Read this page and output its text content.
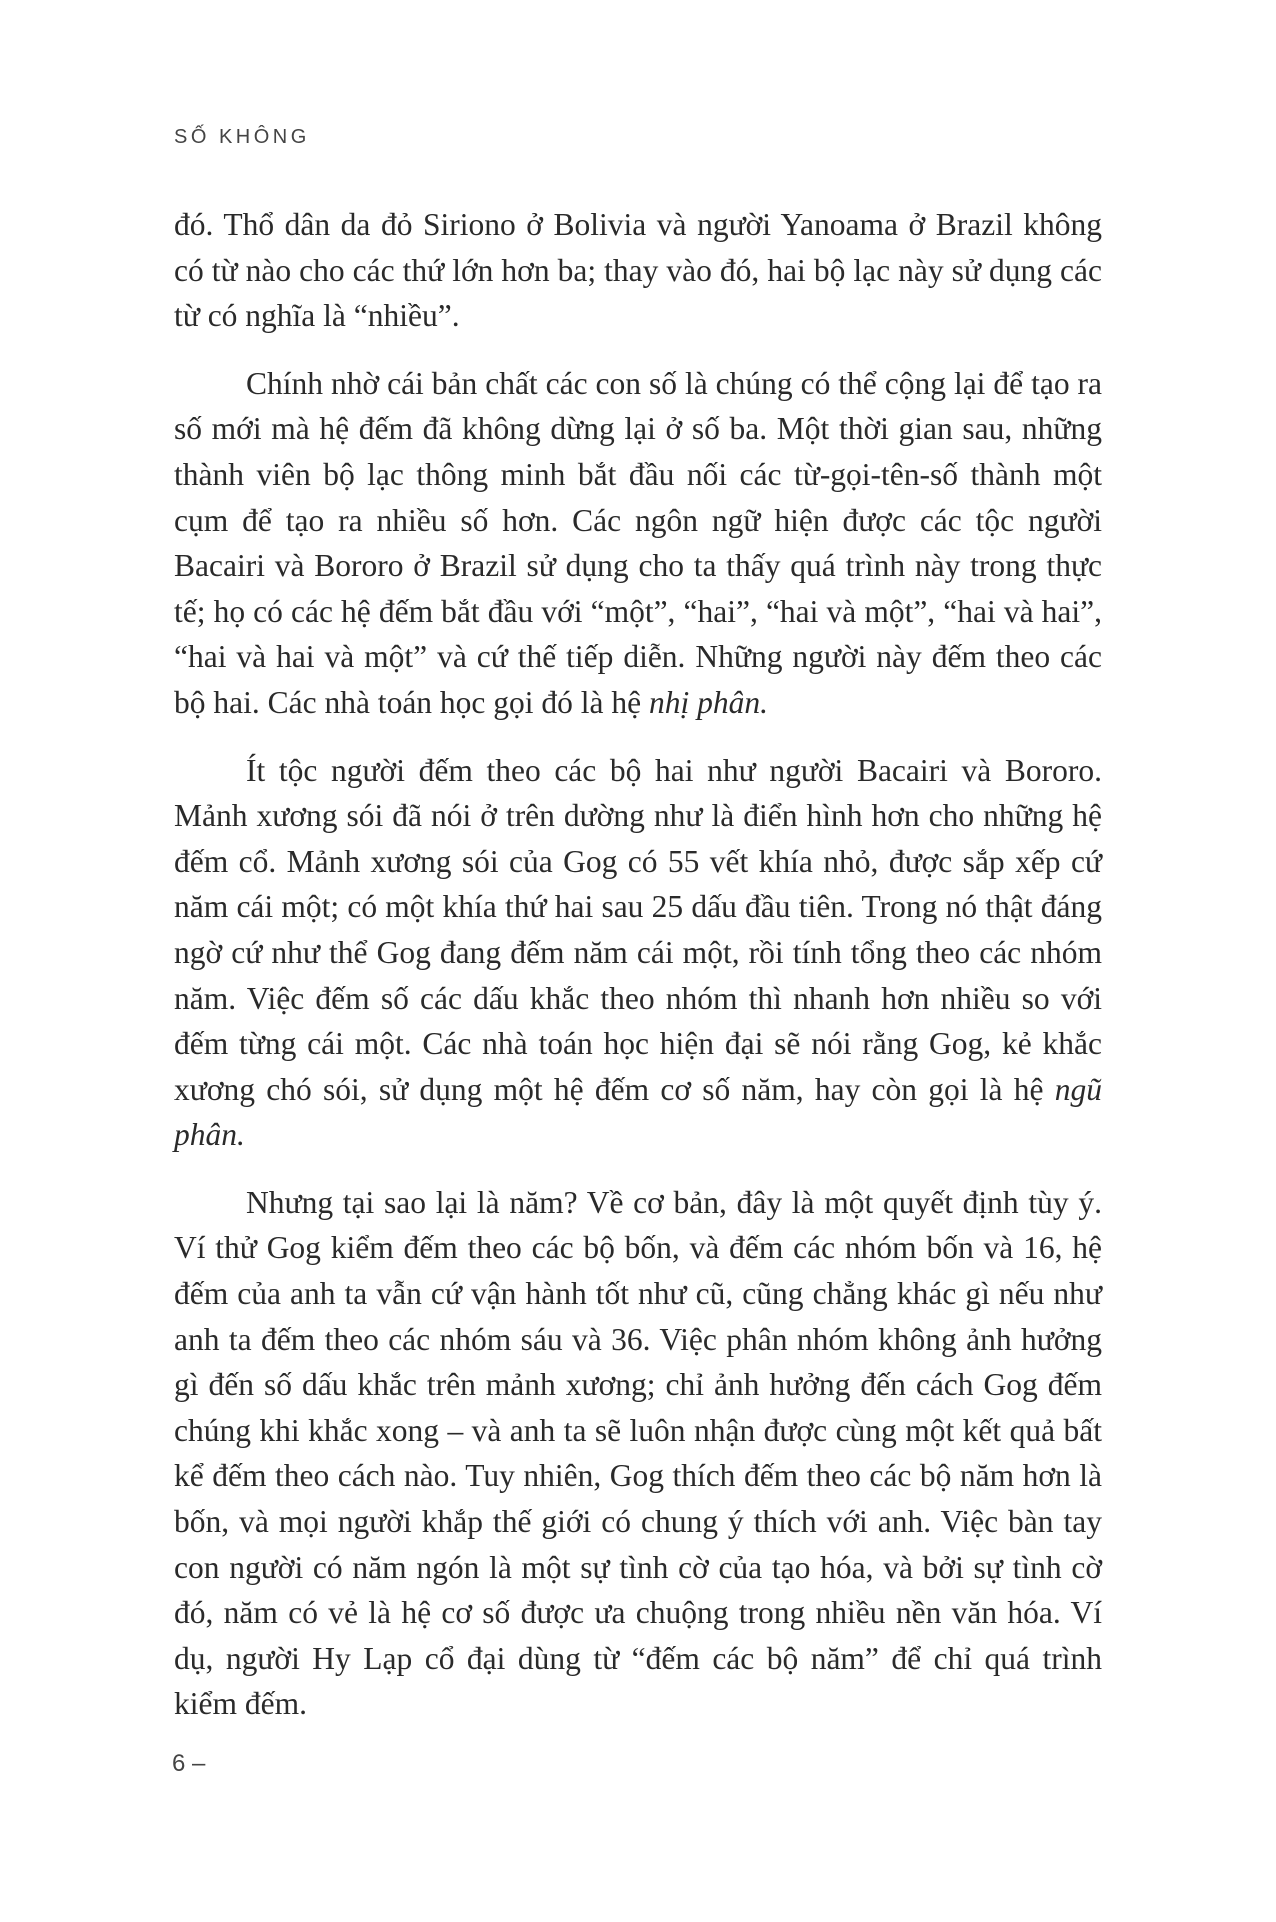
SỐ KHÔNG

đó. Thổ dân da đỏ Siriono ở Bolivia và người Yanoama ở Brazil không có từ nào cho các thứ lớn hơn ba; thay vào đó, hai bộ lạc này sử dụng các từ có nghĩa là “nhiều”.

Chính nhờ cái bản chất các con số là chúng có thể cộng lại để tạo ra số mới mà hệ đếm đã không dừng lại ở số ba. Một thời gian sau, những thành viên bộ lạc thông minh bắt đầu nối các từ-gọi-tên-số thành một cụm để tạo ra nhiều số hơn. Các ngôn ngữ hiện được các tộc người Bacairi và Bororo ở Brazil sử dụng cho ta thấy quá trình này trong thực tế; họ có các hệ đếm bắt đầu với “một”, “hai”, “hai và một”, “hai và hai”, “hai và hai và một” và cứ thế tiếp diễn. Những người này đếm theo các bộ hai. Các nhà toán học gọi đó là hệ nhị phân.

Ít tộc người đếm theo các bộ hai như người Bacairi và Bororo. Mảnh xương sói đã nói ở trên dường như là điển hình hơn cho những hệ đếm cổ. Mảnh xương sói của Gog có 55 vết khía nhỏ, được sắp xếp cứ năm cái một; có một khía thứ hai sau 25 dấu đầu tiên. Trong nó thật đáng ngờ cứ như thể Gog đang đếm năm cái một, rồi tính tổng theo các nhóm năm. Việc đếm số các dấu khắc theo nhóm thì nhanh hơn nhiều so với đếm từng cái một. Các nhà toán học hiện đại sẽ nói rằng Gog, kẻ khắc xương chó sói, sử dụng một hệ đếm cơ số năm, hay còn gọi là hệ ngũ phân.

Nhưng tại sao lại là năm? Về cơ bản, đây là một quyết định tùy ý. Ví thử Gog kiểm đếm theo các bộ bốn, và đếm các nhóm bốn và 16, hệ đếm của anh ta vẫn cứ vận hành tốt như cũ, cũng chẳng khác gì nếu như anh ta đếm theo các nhóm sáu và 36. Việc phân nhóm không ảnh hưởng gì đến số dấu khắc trên mảnh xương; chỉ ảnh hưởng đến cách Gog đếm chúng khi khắc xong – và anh ta sẽ luôn nhận được cùng một kết quả bất kể đếm theo cách nào. Tuy nhiên, Gog thích đếm theo các bộ năm hơn là bốn, và mọi người khắp thế giới có chung ý thích với anh. Việc bàn tay con người có năm ngón là một sự tình cờ của tạo hóa, và bởi sự tình cờ đó, năm có vẻ là hệ cơ số được ưa chuộng trong nhiều nền văn hóa. Ví dụ, người Hy Lạp cổ đại dùng từ “đếm các bộ năm” để chỉ quá trình kiểm đếm.

6 –
